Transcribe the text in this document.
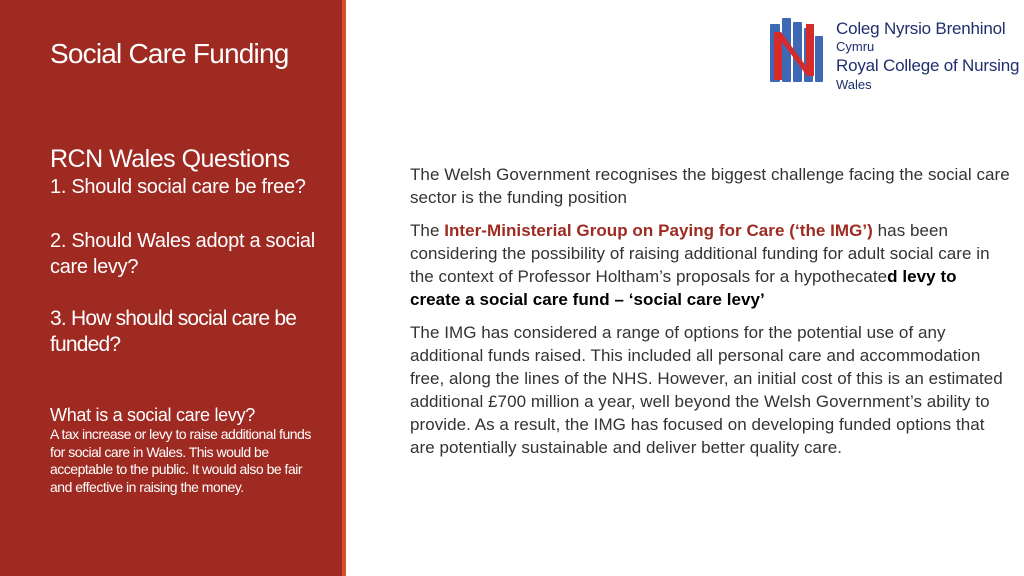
Social Care Funding
RCN Wales Questions

1. Should social care be free?

2. Should Wales adopt a social care levy?

3. How should social care be funded?

What is a social care levy?

A tax increase or levy to raise additional funds for social care in Wales. This would be acceptable to the public. It would also be fair and effective in raising the money.

Coleg Nyrsio Brenhinol
Cymru
Royal College of Nursing
Wales

The Welsh Government recognises the biggest challenge facing the social care sector is the funding position

The Inter-Ministerial Group on Paying for Care (‘the IMG’) has been considering the possibility of raising additional funding for adult social care in the context of Professor Holtham’s proposals for a hypothecated levy to create a social care fund – ‘social care levy’

The IMG has considered a range of options for the potential use of any additional funds raised. This included all personal care and accommodation free, along the lines of the NHS. However, an initial cost of this is an estimated additional £700 million a year, well beyond the Welsh Government’s ability to provide. As a result, the IMG has focused on developing funded options that are potentially sustainable and deliver better quality care.
